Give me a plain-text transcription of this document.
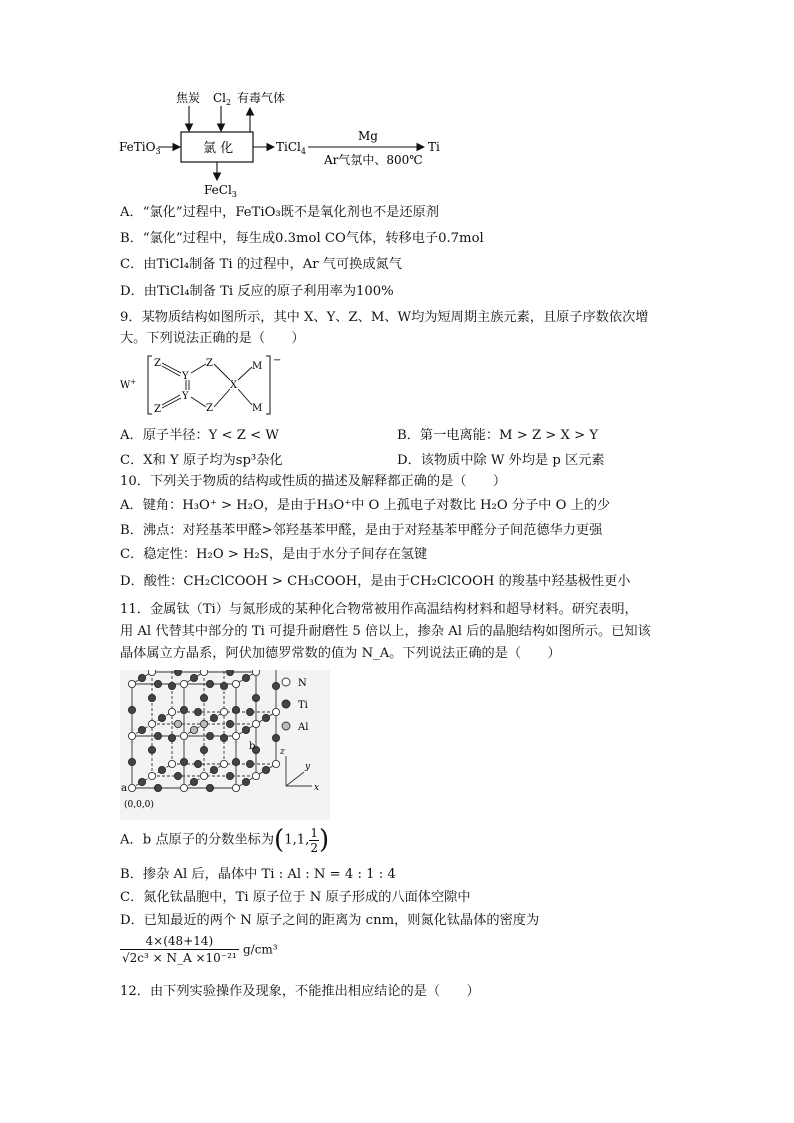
焦炭 $Cl_2$ 有毒气体
FeTiO$_3$	氯 化	TiCl$_4$
Mg
Ar气氛中、800℃
Ti
FeCl$_3$
A．“氯化”过程中，FeTiO₃既不是氧化剂也不是还原剂
B．“氯化”过程中，每生成0.3mol CO气体，转移电子0.7mol
C．由TiCl₄制备 Ti 的过程中，Ar 气可换成氮气
D．由TiCl₄制备 Ti 反应的原子利用率为100%
9．某物质结构如图所示，其中 X、Y、Z、M、W均为短周期主族元素，且原子序数依次增
大。下列说法正确的是（　　）
W+
−
Z
Z
Y
Y
Z
Z
X
M
M
A．原子半径：Y < Z < W	B．第一电离能：M > Z > X > Y
C．X和 Y 原子均为sp³杂化	D．该物质中除 W 外均是 p 区元素
10．下列关于物质的结构或性质的描述及解释都正确的是（　　）
A．键角：H₃O⁺ > H₂O，是由于H₃O⁺中 O 上孤电子对数比 H₂O 分子中 O 上的少
B．沸点：对羟基苯甲醛>邻羟基苯甲醛，是由于对羟基苯甲醛分子间范德华力更强
C．稳定性：H₂O > H₂S，是由于水分子间存在氢键
D．酸性：CH₂ClCOOH > CH₃COOH，是由于CH₂ClCOOH 的羧基中羟基极性更小
11．金属钛（Ti）与氮形成的某种化合物常被用作高温结构材料和超导材料。研究表明，
用 Al 代替其中部分的 Ti 可提升耐磨性 5 倍以上，掺杂 Al 后的晶胞结构如图所示。已知该
晶体属立方晶系，阿伏加德罗常数的值为 N_A。下列说法正确的是（　　）
N
Ti
Al
z
x
y
a
b
(0,0,0)
A．b 点原子的分数坐标为(1,1, $\frac{1}{2}$ )
B．掺杂 Al 后，晶体中 Ti : Al : N = 4 : 1 : 4
C．氮化钛晶胞中，Ti 原子位于 N 原子形成的八面体空隙中
D．已知最近的两个 N 原子之间的距离为 cnm，则氮化钛晶体的密度为
$\frac{4\times(48+14)}{\text{√2c³ × N\_A ×10⁻²¹}} g/cm^3$
12．由下列实验操作及现象，不能推出相应结论的是（　　）
